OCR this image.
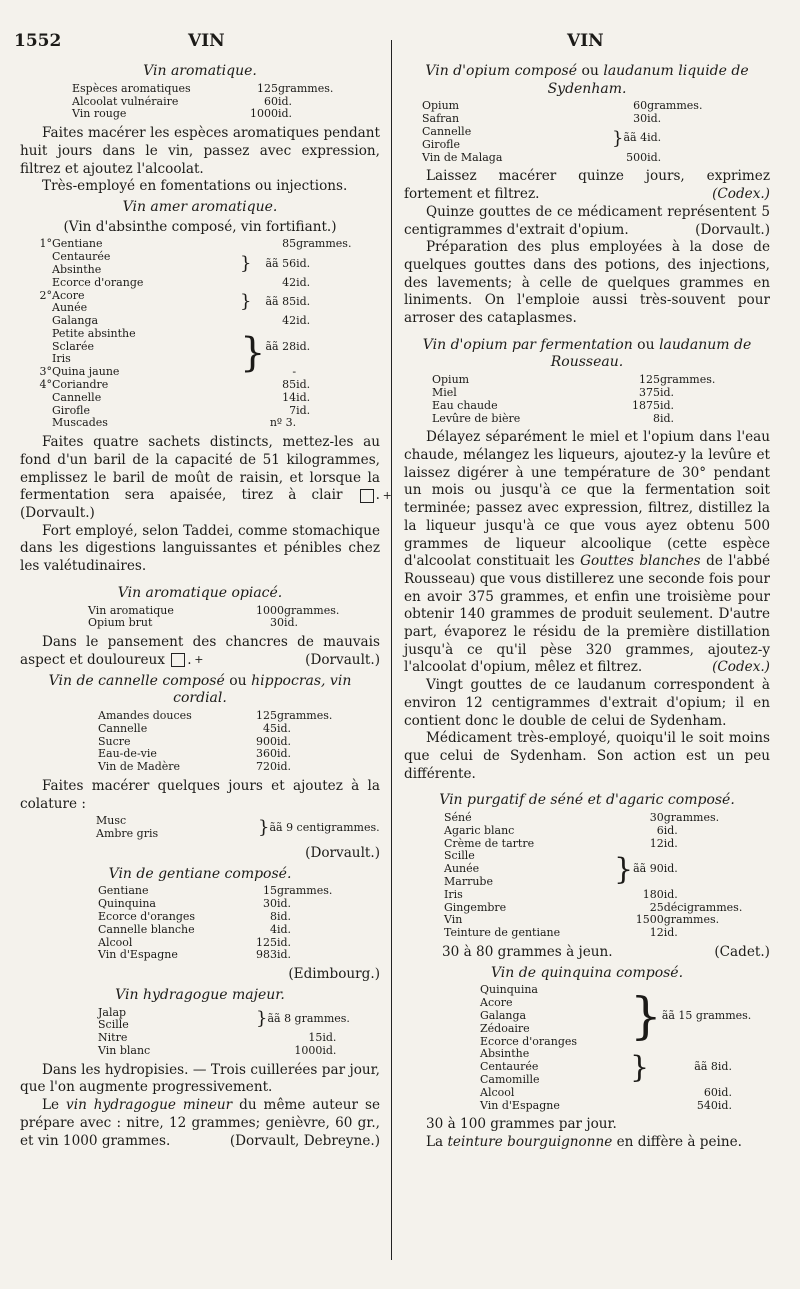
1552	VIN	VIN
Vin aromatique.
Espèces aromatiques	125	grammes.
Alcoolat vulnéraire	60	id.
Vin rouge	1000	id.

Faites macérer les espèces aromatiques pendant huit jours dans le vin, passez avec expression, filtrez et ajoutez l'alcoolat.

Très-employé en fomentations ou injections.

Vin amer aromatique.
(Vin d'absinthe composé, vin fortifiant.)
1°	Gentiane		85	grammes.
	Centaurée	}	ãã 56	id.
	Absinthe			
	Ecorce d'orange		42	id.
2°	Acore	}	ãã 85	id.
	Aunée			
	Galanga		42	id.
	Petite absinthe	}	ãã 28	id.
	Sclarée			
	Iris			
3°	Quina jaune		-	
4°	Coriandre		85	id.
	Cannelle		14	id.
	Girofle		7	id.
	Muscades		nº 3.	

Faites quatre sachets distincts, mettez-les au fond d'un baril de la capacité de 51 kilogrammes, emplissez le baril de moût de raisin, et lorsque la fermentation sera apaisée, tirez à clair	+. (Dorvault.)

Fort employé, selon Taddei, comme stomachique dans les digestions languissantes et pénibles chez les valétudinaires.

Vin aromatique opiacé.
Vin aromatique	1000	grammes.
Opium brut	30	id.

Dans le pansement des chancres de mauvais aspect et douloureux	+.	(Dorvault.)

Vin de cannelle composé ou hippocras, vin cordial.
Amandes douces	125	grammes.
Cannelle	45	id.
Sucre	900	id.
Eau-de-vie	360	id.
Vin de Madère	720	id.

Faites macérer quelques jours et ajoutez à la colature :

Musc	}	ãã 9 centigrammes.
Ambre gris
(Dorvault.)
Vin de gentiane composé.
Gentiane	15	grammes.
Quinquina	30	id.
Ecorce d'oranges	8	id.
Cannelle blanche	4	id.
Alcool	125	id.
Vin d'Espagne	983	id.
(Edimbourg.)
Vin hydragogue majeur.
Jalap	}	ãã 8 grammes.	
Scille			
Nitre		15	id.
Vin blanc		1000	id.

Dans les hydropisies. — Trois cuillerées par jour, que l'on augmente progressivement.

Le vin hydragogue mineur du même auteur se prépare avec : nitre, 12 grammes; genièvre, 60 gr., et vin 1000 grammes.	(Dorvault, Debreyne.)

Vin d'opium composé ou laudanum liquide de Sydenham.
Opium		60	grammes.
Safran		30	id.
Cannelle	}	ãã 4	id.
Girofle			
Vin de Malaga		500	id.

Laissez macérer quinze jours, exprimez fortement et filtrez.	(Codex.)

Quinze gouttes de ce médicament représentent 5 centigrammes d'extrait d'opium.	(Dorvault.)

Préparation des plus employées à la dose de quelques gouttes dans des potions, des injections, des lavements; à celle de quelques grammes en liniments. On l'emploie aussi très-souvent pour arroser des cataplasmes.

Vin d'opium par fermentation ou laudanum de Rousseau.
Opium	125	grammes.
Miel	375	id.
Eau chaude	1875	id.
Levûre de bière	8	id.

Délayez séparément le miel et l'opium dans l'eau chaude, mélangez les liqueurs, ajoutez-y la levûre et laissez digérer à une température de 30° pendant un mois ou jusqu'à ce que la fermentation soit terminée; passez avec expression, filtrez, distillez la la liqueur jusqu'à ce que vous ayez obtenu 500 grammes de liqueur alcoolique (cette espèce d'alcoolat constituait les Gouttes blanches de l'abbé Rousseau) que vous distillerez une seconde fois pour en avoir 375 grammes, et enfin une troisième pour obtenir 140 grammes de produit seulement. D'autre part, évaporez le résidu de la première distillation jusqu'à ce qu'il pèse 320 grammes, ajoutez-y l'alcoolat d'opium, mêlez et filtrez.	(Codex.)

Vingt gouttes de ce laudanum correspondent à environ 12 centigrammes d'extrait d'opium; il en contient donc le double de celui de Sydenham.

Médicament très-employé, quoiqu'il le soit moins que celui de Sydenham. Son action est un peu différente.

Vin purgatif de séné et d'agaric composé.
Séné		30	grammes.
Agaric blanc		6	id.
Crème de tartre		12	id.
Scille	}	ãã 90	id.
Aunée			
Marrube			
Iris		180	id.
Gingembre		25	décigrammes.
Vin		1500	grammes.
Teinture de gentiane		12	id.

30 à 80 grammes à jeun.	(Cadet.)

Vin de quinquina composé.
Quinquina	}	ãã 15 grammes.	
Acore			
Galanga			
Zédoaire			
Ecorce d'oranges			
Absinthe	}	ãã 8	id.
Centaurée			
Camomille			
Alcool		60	id.
Vin d'Espagne		540	id.

30 à 100 grammes par jour.

La teinture bourguignonne en diffère à peine.
